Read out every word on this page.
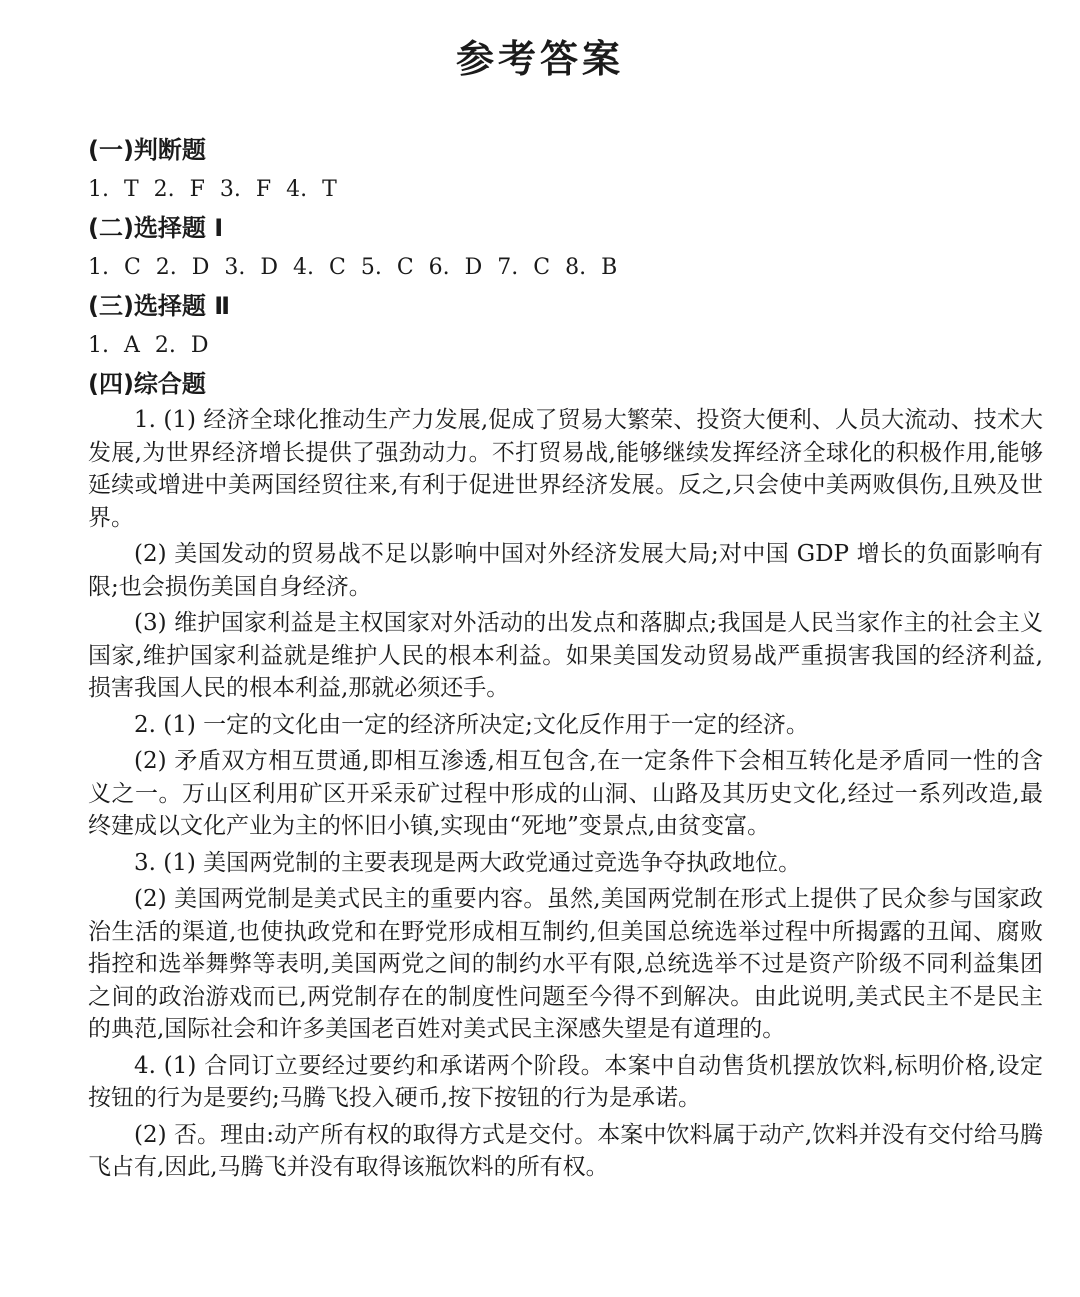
参考答案
(一)判断题
1. T 2. F 3. F 4. T
(二)选择题 I
1. C 2. D 3. D 4. C 5. C 6. D 7. C 8. B
(三)选择题 Ⅱ
1. A 2. D
(四)综合题

1. (1) 经济全球化推动生产力发展,促成了贸易大繁荣、投资大便利、人员大流动、技术大发展,为世界经济增长提供了强劲动力。不打贸易战,能够继续发挥经济全球化的积极作用,能够延续或增进中美两国经贸往来,有利于促进世界经济发展。反之,只会使中美两败俱伤,且殃及世界。

(2) 美国发动的贸易战不足以影响中国对外经济发展大局;对中国 GDP 增长的负面影响有限;也会损伤美国自身经济。

(3) 维护国家利益是主权国家对外活动的出发点和落脚点;我国是人民当家作主的社会主义国家,维护国家利益就是维护人民的根本利益。如果美国发动贸易战严重损害我国的经济利益,损害我国人民的根本利益,那就必须还手。

2. (1) 一定的文化由一定的经济所决定;文化反作用于一定的经济。

(2) 矛盾双方相互贯通,即相互渗透,相互包含,在一定条件下会相互转化是矛盾同一性的含义之一。万山区利用矿区开采汞矿过程中形成的山洞、山路及其历史文化,经过一系列改造,最终建成以文化产业为主的怀旧小镇,实现由“死地”变景点,由贫变富。

3. (1) 美国两党制的主要表现是两大政党通过竞选争夺执政地位。

(2) 美国两党制是美式民主的重要内容。虽然,美国两党制在形式上提供了民众参与国家政治生活的渠道,也使执政党和在野党形成相互制约,但美国总统选举过程中所揭露的丑闻、腐败指控和选举舞弊等表明,美国两党之间的制约水平有限,总统选举不过是资产阶级不同利益集团之间的政治游戏而已,两党制存在的制度性问题至今得不到解决。由此说明,美式民主不是民主的典范,国际社会和许多美国老百姓对美式民主深感失望是有道理的。

4. (1) 合同订立要经过要约和承诺两个阶段。本案中自动售货机摆放饮料,标明价格,设定按钮的行为是要约;马腾飞投入硬币,按下按钮的行为是承诺。

(2) 否。理由:动产所有权的取得方式是交付。本案中饮料属于动产,饮料并没有交付给马腾飞占有,因此,马腾飞并没有取得该瓶饮料的所有权。
